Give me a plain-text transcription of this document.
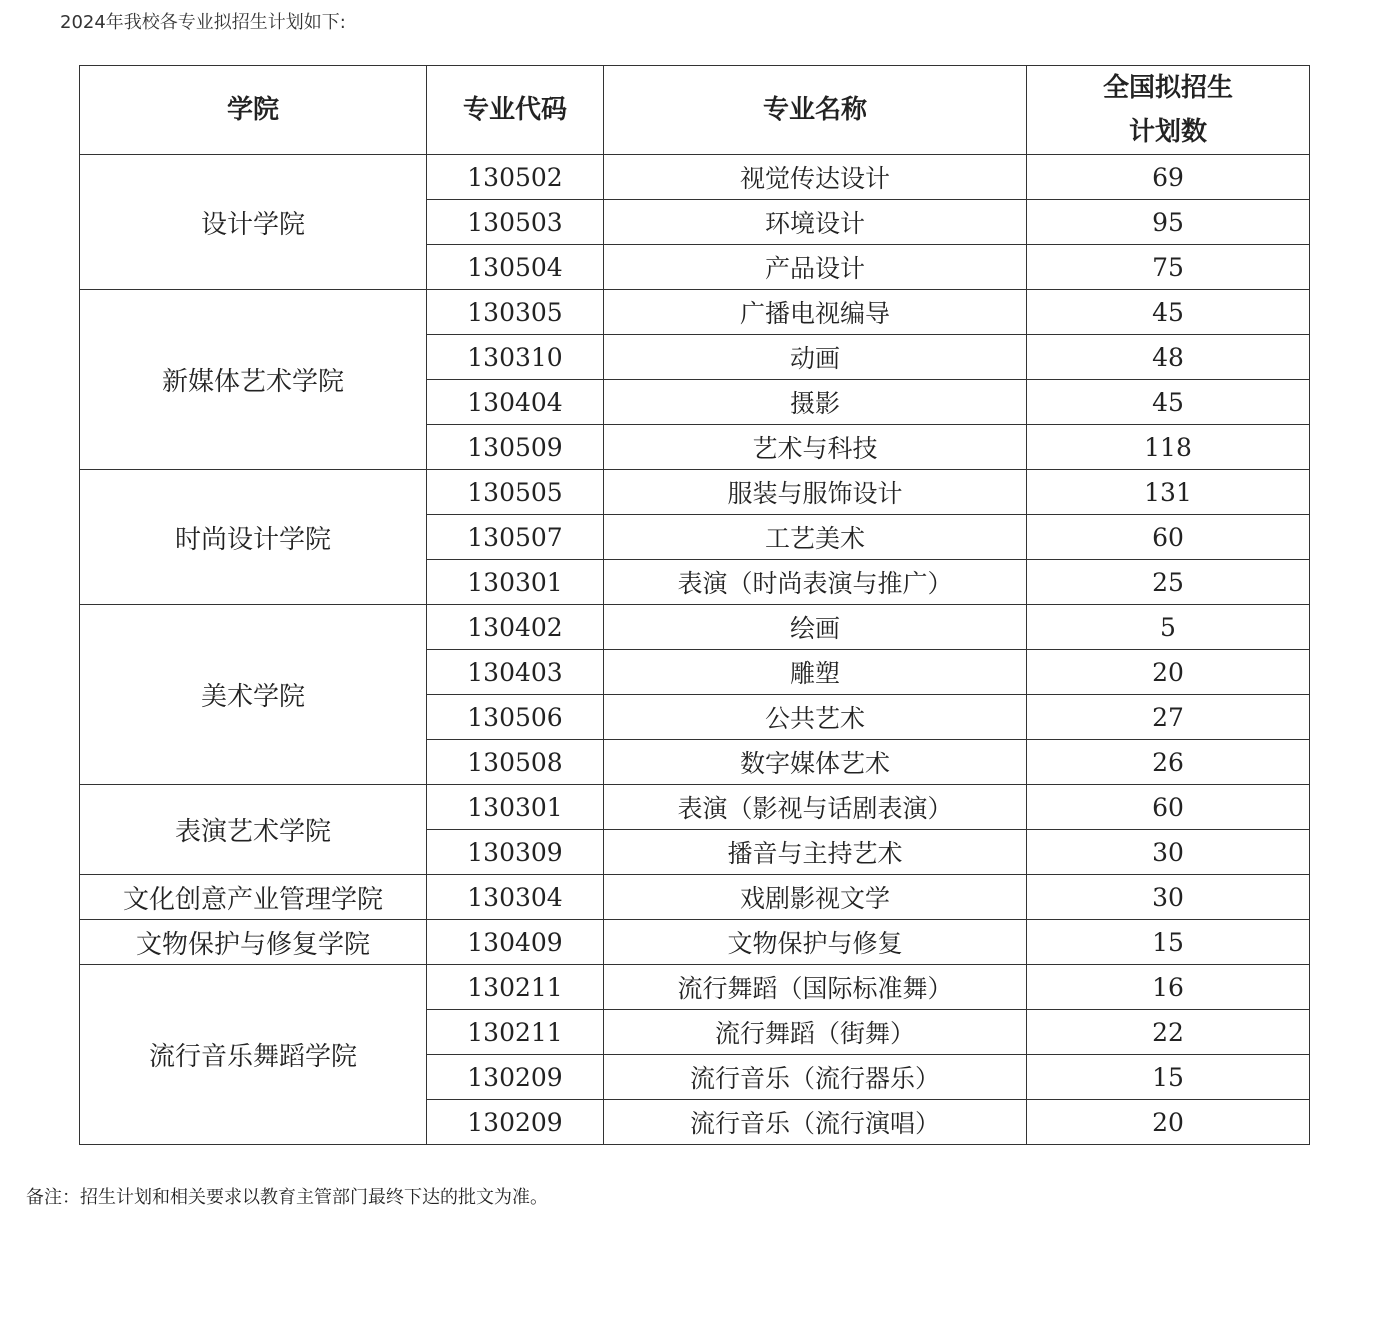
2024年我校各专业拟招生计划如下:
学院	专业代码	专业名称	全国拟招生
计划数

设计学院	130502	视觉传达设计	69
	130503	环境设计	95
	130504	产品设计	75
新媒体艺术学院	130305	广播电视编导	45
	130310	动画	48
	130404	摄影	45
	130509	艺术与科技	118
时尚设计学院	130505	服装与服饰设计	131
	130507	工艺美术	60
	130301	表演（时尚表演与推广）	25
美术学院	130402	绘画	5
	130403	雕塑	20
	130506	公共艺术	27
	130508	数字媒体艺术	26
表演艺术学院	130301	表演（影视与话剧表演）	60
	130309	播音与主持艺术	30
文化创意产业管理学院	130304	戏剧影视文学	30
文物保护与修复学院	130409	文物保护与修复	15
流行音乐舞蹈学院	130211	流行舞蹈（国际标准舞）	16
	130211	流行舞蹈（街舞）	22
	130209	流行音乐（流行器乐）	15
	130209	流行音乐（流行演唱）	20
备注：招生计划和相关要求以教育主管部门最终下达的批文为准。
